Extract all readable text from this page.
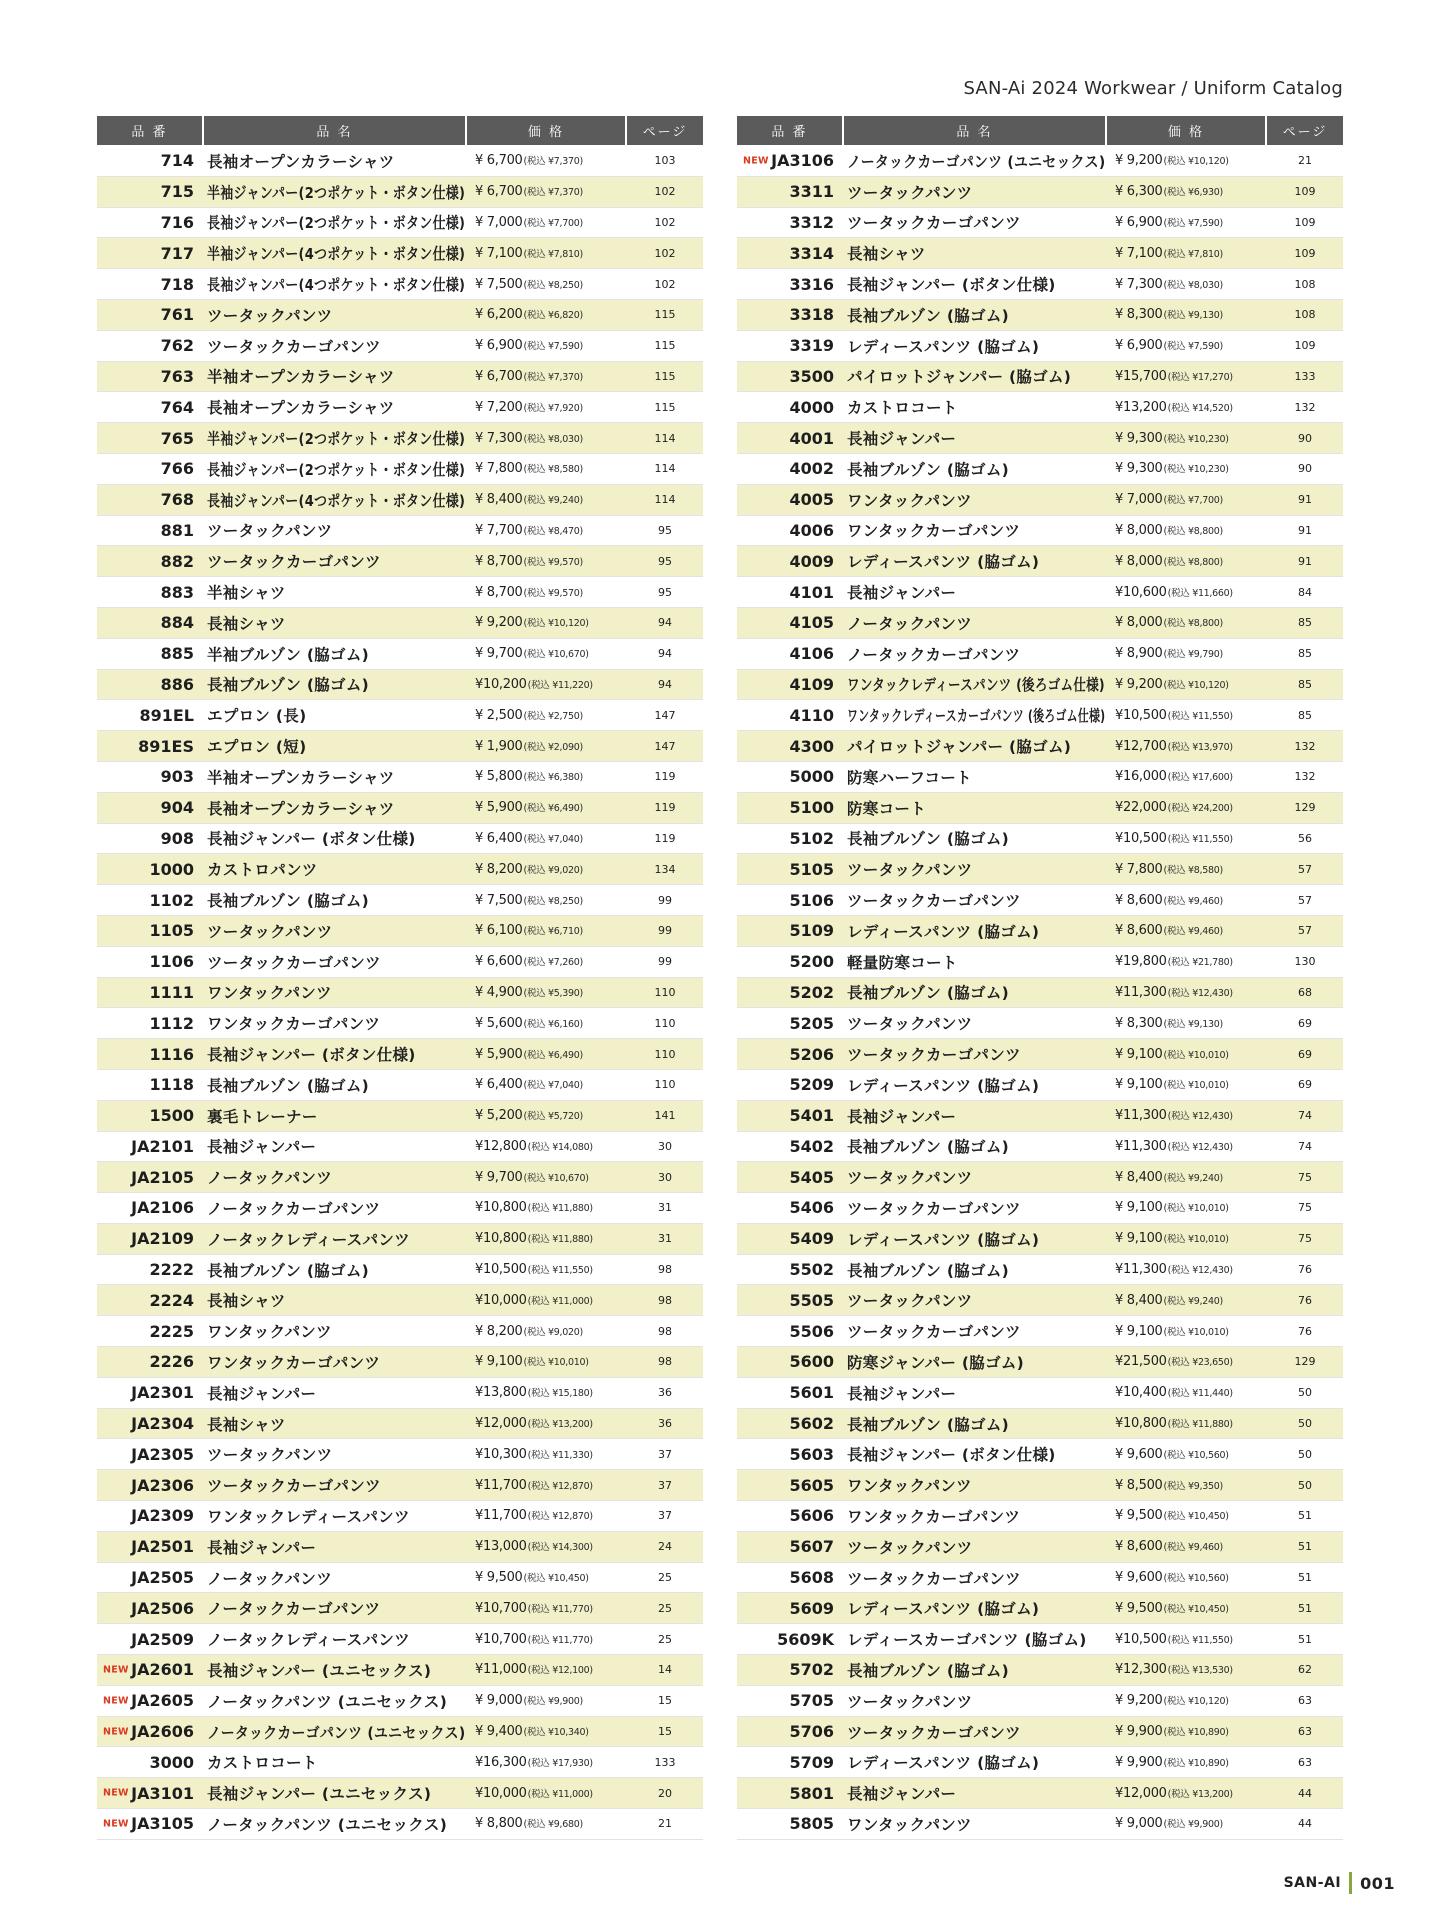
SAN-Ai 2024 Workwear / Uniform Catalog
品 番	品 名	価 格	ページ
714 長袖オープンカラーシャツ	¥ 6,700 (税込 ¥7,370)	103
715 半袖ジャンパー(2つポケット・ボタン仕様) ¥ 6,700 (税込 ¥7,370)	102
716 長袖ジャンパー(2つポケット・ボタン仕様) ¥ 7,000 (税込 ¥7,700)	102
717 半袖ジャンパー(4つポケット・ボタン仕様) ¥ 7,100 (税込 ¥7,810)	102
718 長袖ジャンパー(4つポケット・ボタン仕様) ¥ 7,500 (税込 ¥8,250)	102
761 ツータックパンツ	¥ 6,200 (税込 ¥6,820)	115
762 ツータックカーゴパンツ	¥ 6,900 (税込 ¥7,590)	115
763 半袖オープンカラーシャツ	¥ 6,700 (税込 ¥7,370)	115
764 長袖オープンカラーシャツ	¥ 7,200 (税込 ¥7,920)	115
765 半袖ジャンパー(2つポケット・ボタン仕様) ¥ 7,300 (税込 ¥8,030)	114
766 長袖ジャンパー(2つポケット・ボタン仕様) ¥ 7,800 (税込 ¥8,580)	114
768 長袖ジャンパー(4つポケット・ボタン仕様) ¥ 8,400 (税込 ¥9,240)	114
881 ツータックパンツ	¥ 7,700 (税込 ¥8,470)	95
882 ツータックカーゴパンツ	¥ 8,700 (税込 ¥9,570)	95
883 半袖シャツ	¥ 8,700 (税込 ¥9,570)	95
884 長袖シャツ	¥ 9,200 (税込 ¥10,120)	94
885 半袖ブルゾン (脇ゴム)	¥ 9,700 (税込 ¥10,670)	94
886 長袖ブルゾン (脇ゴム)	¥10,200 (税込 ¥11,220)	94
891EL エプロン (長)	¥ 2,500 (税込 ¥2,750)	147
891ES エプロン (短)	¥ 1,900 (税込 ¥2,090)	147
903 半袖オープンカラーシャツ	¥ 5,800 (税込 ¥6,380)	119
904 長袖オープンカラーシャツ	¥ 5,900 (税込 ¥6,490)	119
908 長袖ジャンパー (ボタン仕様)	¥ 6,400 (税込 ¥7,040)	119
1000 カストロパンツ	¥ 8,200 (税込 ¥9,020)	134
1102 長袖ブルゾン (脇ゴム)	¥ 7,500 (税込 ¥8,250)	99
1105 ツータックパンツ	¥ 6,100 (税込 ¥6,710)	99
1106 ツータックカーゴパンツ	¥ 6,600 (税込 ¥7,260)	99
1111 ワンタックパンツ	¥ 4,900 (税込 ¥5,390)	110
1112 ワンタックカーゴパンツ	¥ 5,600 (税込 ¥6,160)	110
1116 長袖ジャンパー (ボタン仕様)	¥ 5,900 (税込 ¥6,490)	110
1118 長袖ブルゾン (脇ゴム)	¥ 6,400 (税込 ¥7,040)	110
1500 裏毛トレーナー	¥ 5,200 (税込 ¥5,720)	141
JA2101 長袖ジャンパー	¥12,800 (税込 ¥14,080)	30
JA2105 ノータックパンツ	¥ 9,700 (税込 ¥10,670)	30
JA2106 ノータックカーゴパンツ	¥10,800 (税込 ¥11,880)	31
JA2109 ノータックレディースパンツ	¥10,800 (税込 ¥11,880)	31
2222 長袖ブルゾン (脇ゴム)	¥10,500 (税込 ¥11,550)	98
2224 長袖シャツ	¥10,000 (税込 ¥11,000)	98
2225 ワンタックパンツ	¥ 8,200 (税込 ¥9,020)	98
2226 ワンタックカーゴパンツ	¥ 9,100 (税込 ¥10,010)	98
JA2301 長袖ジャンパー	¥13,800 (税込 ¥15,180)	36
JA2304 長袖シャツ	¥12,000 (税込 ¥13,200)	36
JA2305 ツータックパンツ	¥10,300 (税込 ¥11,330)	37
JA2306 ツータックカーゴパンツ	¥11,700 (税込 ¥12,870)	37
JA2309 ワンタックレディースパンツ	¥11,700 (税込 ¥12,870)	37
JA2501 長袖ジャンパー	¥13,000 (税込 ¥14,300)	24
JA2505 ノータックパンツ	¥ 9,500 (税込 ¥10,450)	25
JA2506 ノータックカーゴパンツ	¥10,700 (税込 ¥11,770)	25
JA2509 ノータックレディースパンツ	¥10,700 (税込 ¥11,770)	25
NEW JA2601 長袖ジャンパー (ユニセックス)	¥11,000 (税込 ¥12,100)	14
NEW JA2605 ノータックパンツ (ユニセックス)	¥ 9,000 (税込 ¥9,900)	15
NEW JA2606 ノータックカーゴパンツ (ユニセックス) ¥ 9,400 (税込 ¥10,340)	15
3000 カストロコート	¥16,300 (税込 ¥17,930)	133
NEW JA3101 長袖ジャンパー (ユニセックス)	¥10,000 (税込 ¥11,000)	20
NEW JA3105 ノータックパンツ (ユニセックス)	¥ 8,800 (税込 ¥9,680)	21
品 番	品 名	価 格	ページ
NEW JA3106 ノータックカーゴパンツ (ユニセックス) ¥ 9,200 (税込 ¥10,120)	21
3311 ツータックパンツ	¥ 6,300 (税込 ¥6,930)	109
3312 ツータックカーゴパンツ	¥ 6,900 (税込 ¥7,590)	109
3314 長袖シャツ	¥ 7,100 (税込 ¥7,810)	109
3316 長袖ジャンパー (ボタン仕様)	¥ 7,300 (税込 ¥8,030)	108
3318 長袖ブルゾン (脇ゴム)	¥ 8,300 (税込 ¥9,130)	108
3319 レディースパンツ (脇ゴム)	¥ 6,900 (税込 ¥7,590)	109
3500 パイロットジャンパー (脇ゴム)	¥15,700 (税込 ¥17,270)	133
4000 カストロコート	¥13,200 (税込 ¥14,520)	132
4001 長袖ジャンパー	¥ 9,300 (税込 ¥10,230)	90
4002 長袖ブルゾン (脇ゴム)	¥ 9,300 (税込 ¥10,230)	90
4005 ワンタックパンツ	¥ 7,000 (税込 ¥7,700)	91
4006 ワンタックカーゴパンツ	¥ 8,000 (税込 ¥8,800)	91
4009 レディースパンツ (脇ゴム)	¥ 8,000 (税込 ¥8,800)	91
4101 長袖ジャンパー	¥10,600 (税込 ¥11,660)	84
4105 ノータックパンツ	¥ 8,000 (税込 ¥8,800)	85
4106 ノータックカーゴパンツ	¥ 8,900 (税込 ¥9,790)	85
4109 ワンタックレディースパンツ (後ろゴム仕様) ¥ 9,200 (税込 ¥10,120)	85
4110 ワンタックレディースカーゴパンツ (後ろゴム仕様) ¥10,500 (税込 ¥11,550)	85
4300 パイロットジャンパー (脇ゴム)	¥12,700 (税込 ¥13,970)	132
5000 防寒ハーフコート	¥16,000 (税込 ¥17,600)	132
5100 防寒コート	¥22,000 (税込 ¥24,200)	129
5102 長袖ブルゾン (脇ゴム)	¥10,500 (税込 ¥11,550)	56
5105 ツータックパンツ	¥ 7,800 (税込 ¥8,580)	57
5106 ツータックカーゴパンツ	¥ 8,600 (税込 ¥9,460)	57
5109 レディースパンツ (脇ゴム)	¥ 8,600 (税込 ¥9,460)	57
5200 軽量防寒コート	¥19,800 (税込 ¥21,780)	130
5202 長袖ブルゾン (脇ゴム)	¥11,300 (税込 ¥12,430)	68
5205 ツータックパンツ	¥ 8,300 (税込 ¥9,130)	69
5206 ツータックカーゴパンツ	¥ 9,100 (税込 ¥10,010)	69
5209 レディースパンツ (脇ゴム)	¥ 9,100 (税込 ¥10,010)	69
5401 長袖ジャンパー	¥11,300 (税込 ¥12,430)	74
5402 長袖ブルゾン (脇ゴム)	¥11,300 (税込 ¥12,430)	74
5405 ツータックパンツ	¥ 8,400 (税込 ¥9,240)	75
5406 ツータックカーゴパンツ	¥ 9,100 (税込 ¥10,010)	75
5409 レディースパンツ (脇ゴム)	¥ 9,100 (税込 ¥10,010)	75
5502 長袖ブルゾン (脇ゴム)	¥11,300 (税込 ¥12,430)	76
5505 ツータックパンツ	¥ 8,400 (税込 ¥9,240)	76
5506 ツータックカーゴパンツ	¥ 9,100 (税込 ¥10,010)	76
5600 防寒ジャンパー (脇ゴム)	¥21,500 (税込 ¥23,650)	129
5601 長袖ジャンパー	¥10,400 (税込 ¥11,440)	50
5602 長袖ブルゾン (脇ゴム)	¥10,800 (税込 ¥11,880)	50
5603 長袖ジャンパー (ボタン仕様)	¥ 9,600 (税込 ¥10,560)	50
5605 ワンタックパンツ	¥ 8,500 (税込 ¥9,350)	50
5606 ワンタックカーゴパンツ	¥ 9,500 (税込 ¥10,450)	51
5607 ツータックパンツ	¥ 8,600 (税込 ¥9,460)	51
5608 ツータックカーゴパンツ	¥ 9,600 (税込 ¥10,560)	51
5609 レディースパンツ (脇ゴム)	¥ 9,500 (税込 ¥10,450)	51
5609K レディースカーゴパンツ (脇ゴム)	¥10,500 (税込 ¥11,550)	51
5702 長袖ブルゾン (脇ゴム)	¥12,300 (税込 ¥13,530)	62
5705 ツータックパンツ	¥ 9,200 (税込 ¥10,120)	63
5706 ツータックカーゴパンツ	¥ 9,900 (税込 ¥10,890)	63
5709 レディースパンツ (脇ゴム)	¥ 9,900 (税込 ¥10,890)	63
5801 長袖ジャンパー	¥12,000 (税込 ¥13,200)	44
5805 ワンタックパンツ	¥ 9,000 (税込 ¥9,900)	44
SAN-AI 001
